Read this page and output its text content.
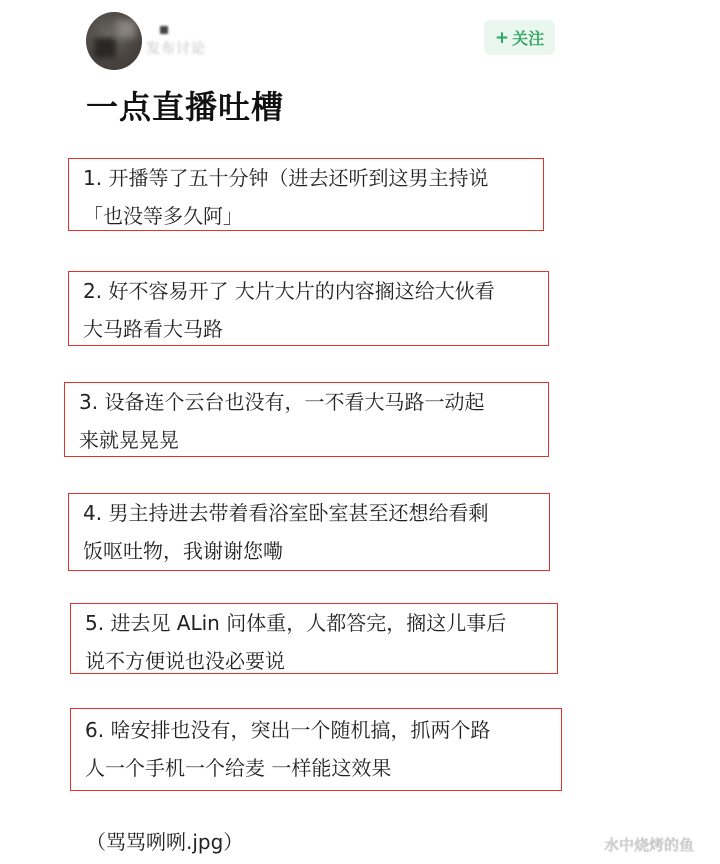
发布讨论
+ 关注
一点直播吐槽
1. 开播等了五十分钟（进去还听到这男主持说
「也没等多久阿」
2. 好不容易开了 大片大片的内容搁这给大伙看
大马路看大马路
3. 设备连个云台也没有，一不看大马路一动起
来就晃晃晃
4. 男主持进去带着看浴室卧室甚至还想给看剩
饭呕吐物，我谢谢您嘞
5. 进去见 ALin 问体重，人都答完，搁这儿事后
说不方便说也没必要说
6. 啥安排也没有，突出一个随机搞，抓两个路
人一个手机一个给麦 一样能这效果
（骂骂咧咧.jpg）	水中烧烤的鱼
